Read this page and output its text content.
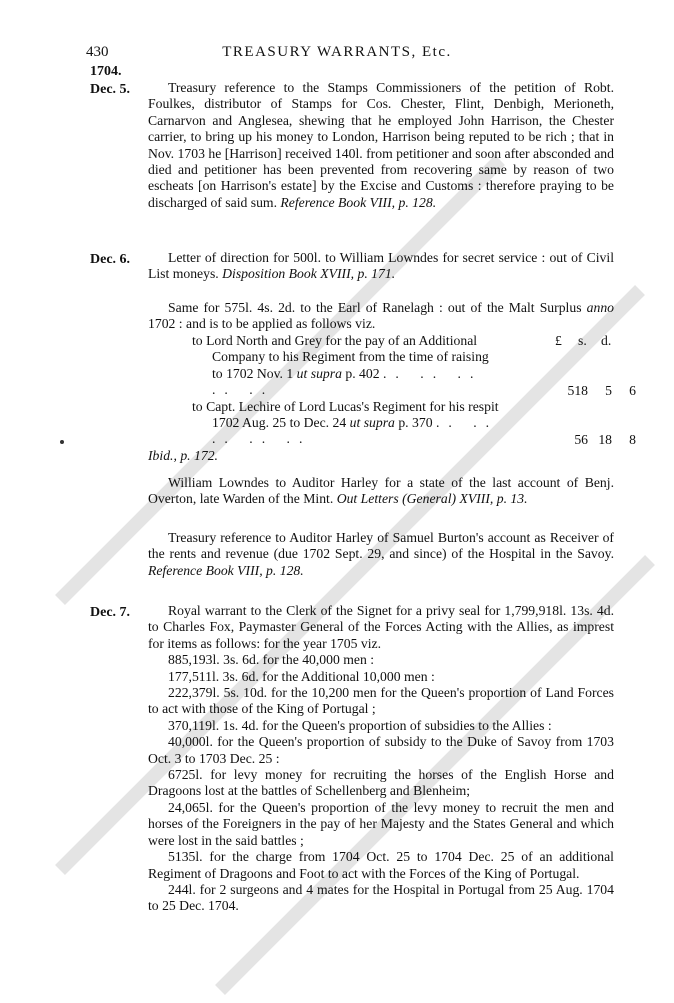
430	TREASURY WARRANTS, Etc.
1704.
Dec. 5.	Treasury reference to the Stamps Commissioners of the petition of Robt. Foulkes, distributor of Stamps for Cos. Chester, Flint, Denbigh, Merioneth, Carnarvon and Anglesea, shewing that he employed John Harrison, the Chester carrier, to bring up his money to London, Harrison being reputed to be rich ; that in Nov. 1703 he [Harrison] received 140l. from petitioner and soon after absconded and died and petitioner has been prevented from recovering same by reason of two escheats [on Harrison's estate] by the Excise and Customs : therefore praying to be discharged of said sum. Reference Book VIII, p. 128.

Dec. 6.	Letter of direction for 500l. to William Lowndes for secret service : out of Civil List moneys. Disposition Book XVIII, p. 171.

Same for 575l. 4s. 2d. to the Earl of Ranelagh : out of the Malt Surplus anno 1702 : and is to be applied as follows viz.

£ s. d.
to Lord North and Grey for the pay of an Additional Company to his Regiment from the time of raising to 1702 Nov. 1 ut supra p. 402 .. .. .. .. ..	518 5 6
to Capt. Lechire of Lord Lucas's Regiment for his respit 1702 Aug. 25 to Dec. 24 ut supra p. 370 .. .. .. .. ..	56 18 8
Ibid., p. 172.

William Lowndes to Auditor Harley for a state of the last account of Benj. Overton, late Warden of the Mint. Out Letters (General) XVIII, p. 13.

Treasury reference to Auditor Harley of Samuel Burton's account as Receiver of the rents and revenue (due 1702 Sept. 29, and since) of the Hospital in the Savoy. Reference Book VIII, p. 128.

Dec. 7.	Royal warrant to the Clerk of the Signet for a privy seal for 1,799,918l. 13s. 4d. to Charles Fox, Paymaster General of the Forces Acting with the Allies, as imprest for items as follows: for the year 1705 viz.

885,193l. 3s. 6d. for the 40,000 men :

177,511l. 3s. 6d. for the Additional 10,000 men :

222,379l. 5s. 10d. for the 10,200 men for the Queen's proportion of Land Forces to act with those of the King of Portugal ;

370,119l. 1s. 4d. for the Queen's proportion of subsidies to the Allies :

40,000l. for the Queen's proportion of subsidy to the Duke of Savoy from 1703 Oct. 3 to 1703 Dec. 25 :

6725l. for levy money for recruiting the horses of the English Horse and Dragoons lost at the battles of Schellenberg and Blenheim;

24,065l. for the Queen's proportion of the levy money to recruit the men and horses of the Foreigners in the pay of her Majesty and the States General and which were lost in the said battles ;

5135l. for the charge from 1704 Oct. 25 to 1704 Dec. 25 of an additional Regiment of Dragoons and Foot to act with the Forces of the King of Portugal.

244l. for 2 surgeons and 4 mates for the Hospital in Portugal from 25 Aug. 1704 to 25 Dec. 1704.
